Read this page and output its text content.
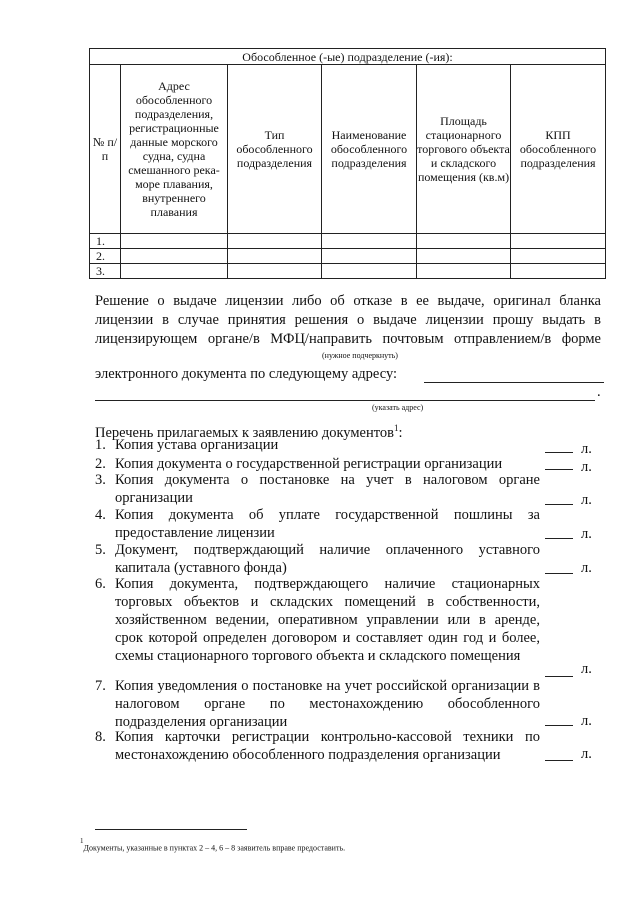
Обособленное (-ые) подразделение (-ия):					
№ п/п	Адрес обособленного подразделения, регистрационные данные морского судна, судна смешанного река-море плавания, внутреннего плавания	Тип обособленного подразделения	Наименование обособленного подразделения	Площадь стационарного торгового объекта и складского помещения (кв.м)	КПП обособленного подразделения
1.					
2.					
3.					

Решение о выдаче лицензии либо об отказе в ее выдаче, оригинал бланка лицензии в случае принятия решения о выдаче лицензии прошу выдать в лицензирующем органе/в МФЦ/направить почтовым отправлением/в форме

(нужное подчеркнуть)
электронного документа по следующему адресу:
.
(указать адрес)

Перечень прилагаемых к заявлению документов$^1$:

1. Копия устава организации	л.
2. Копия документа о государственной регистрации организации	л.
3. Копия документа о постановке на учет в налоговом органе организации	л.
4. Копия документа об уплате государственной пошлины за предоставление лицензии	л.
5. Документ, подтверждающий наличие оплаченного уставного капитала (уставного фонда)	л.
6. Копия документа, подтверждающего наличие стационарных торговых объектов и складских помещений в собственности, хозяйственном ведении, оперативном управлении или в аренде, срок которой определен договором и составляет один год и более, схемы стационарного торгового объекта и складского помещения
л.
7. Копия уведомления о постановке на учет российской организации в налоговом органе по местонахождению обособленного подразделения организации	л.
8. Копия карточки регистрации контрольно-кассовой техники по местонахождению обособленного подразделения организации	л.
$^1$Документы, указанные в пунктах 2 – 4, 6 – 8 заявитель вправе предоставить.
